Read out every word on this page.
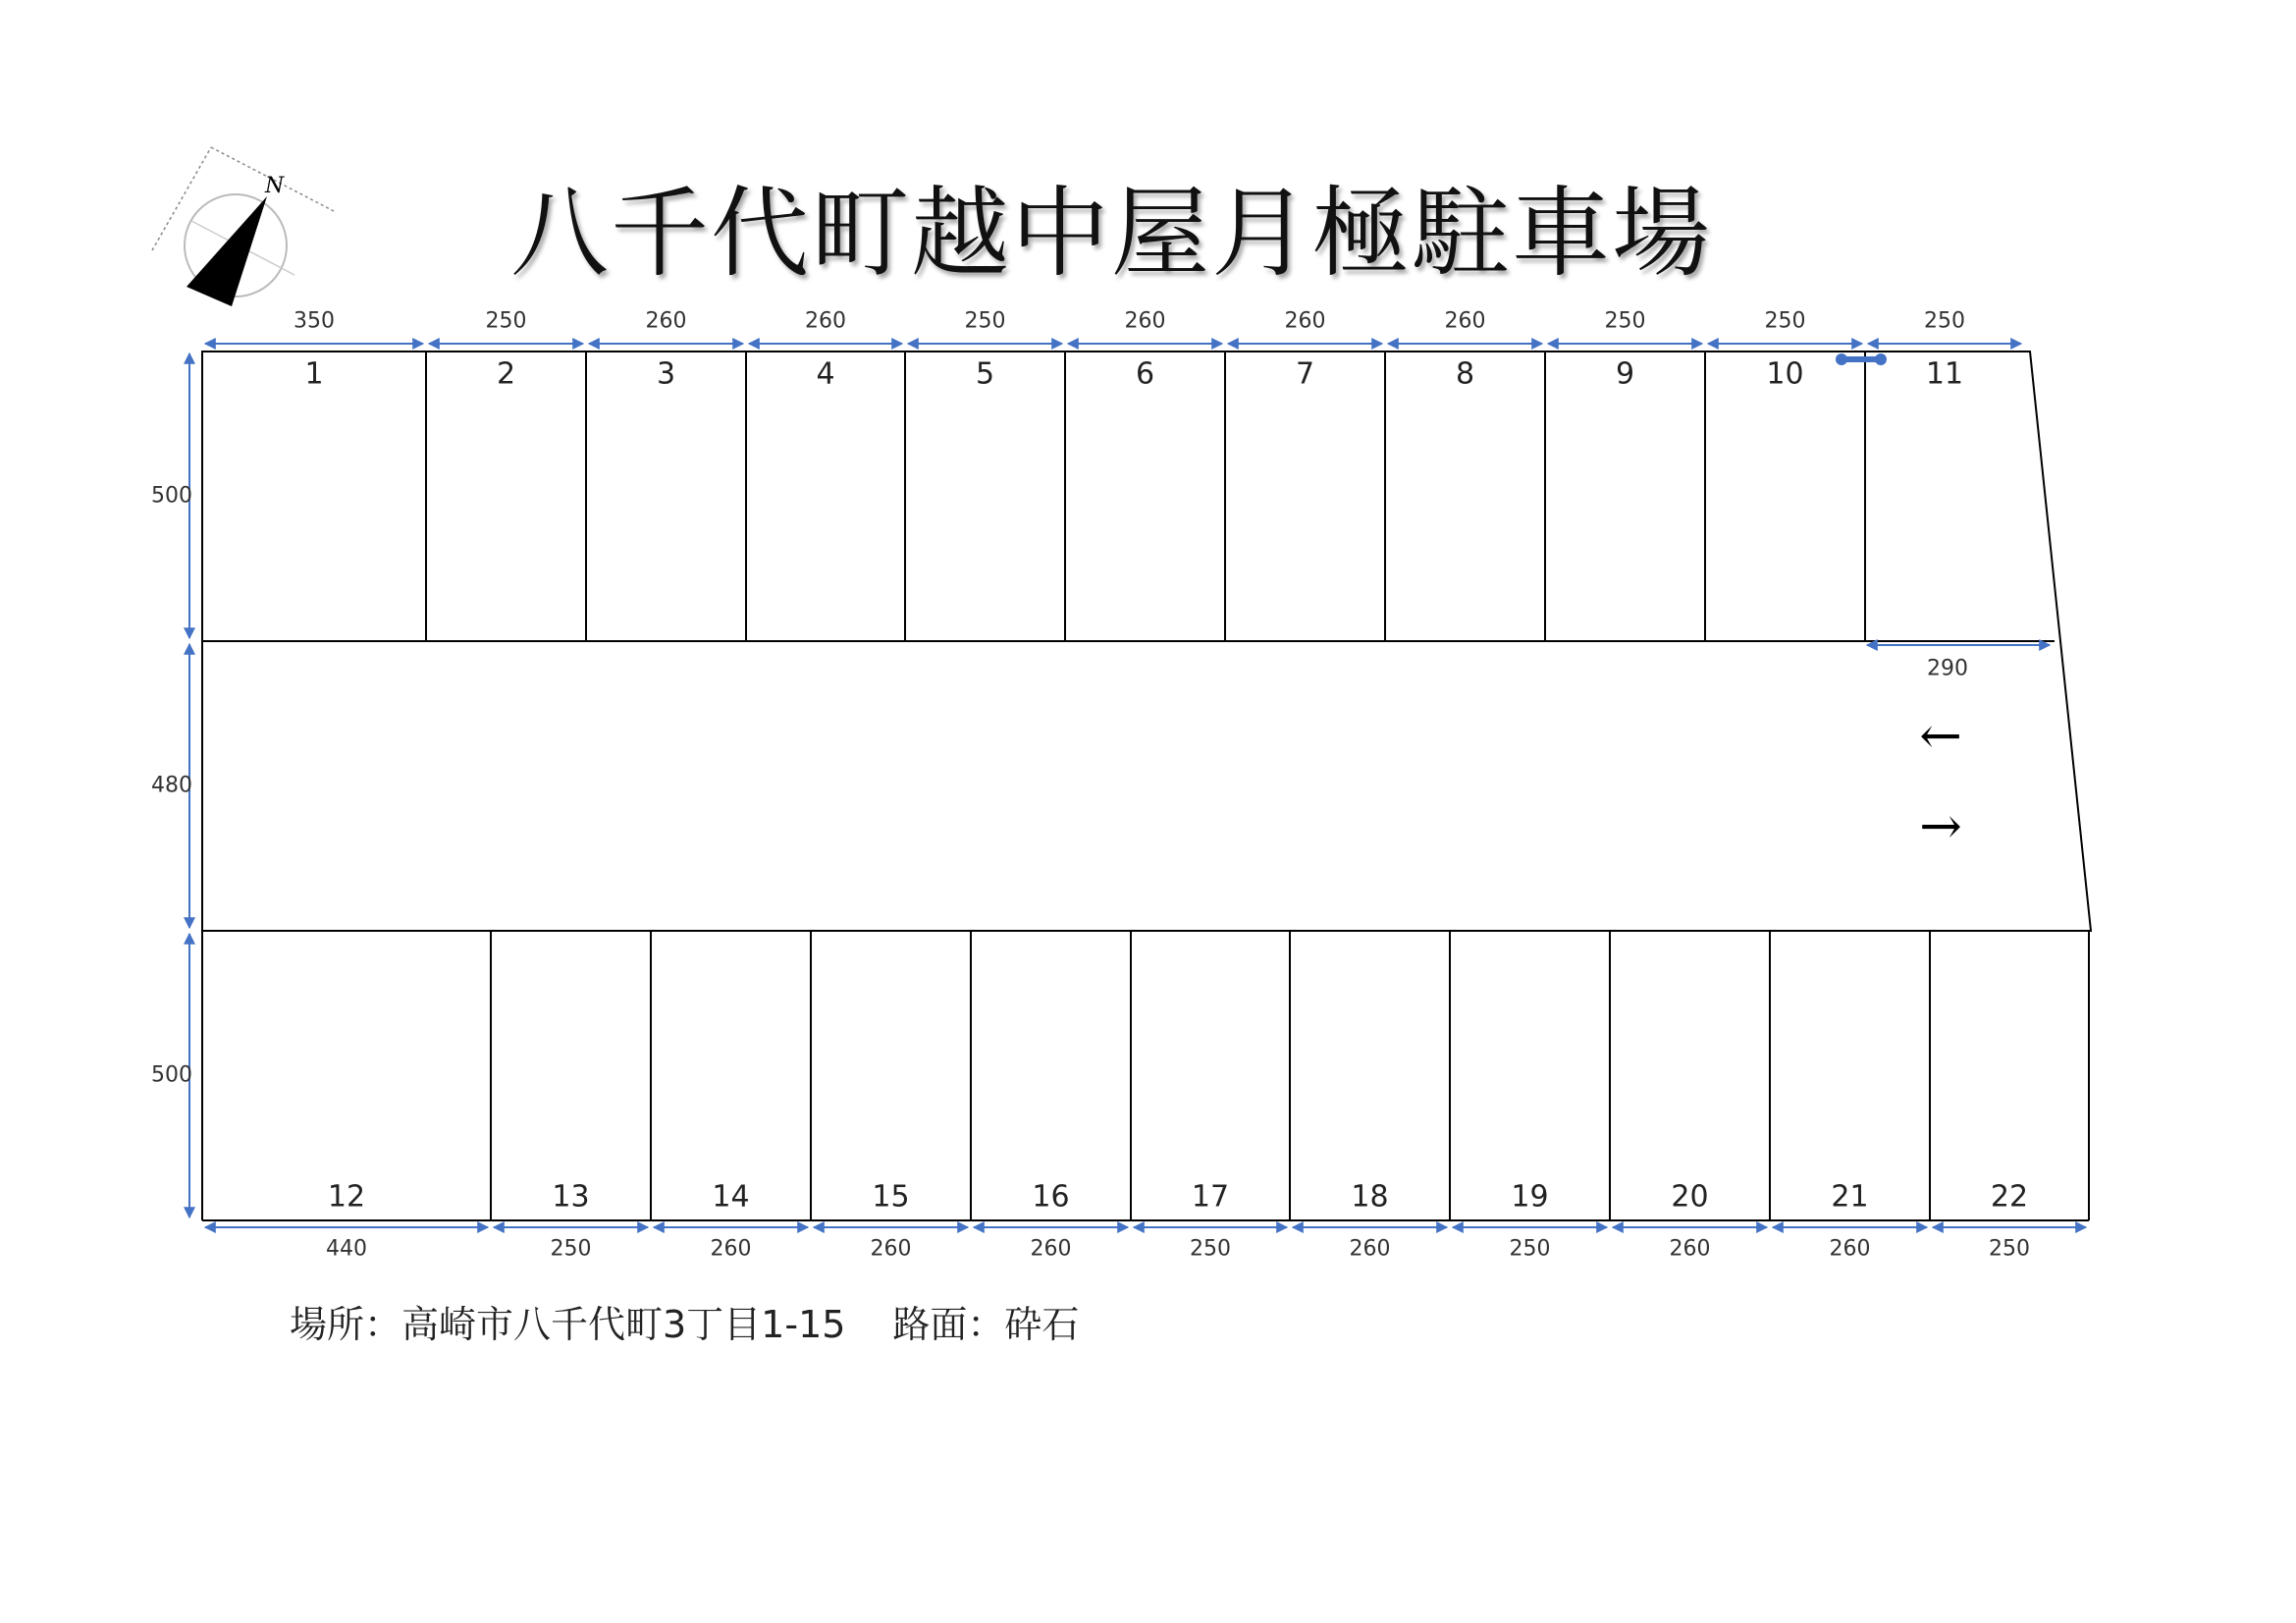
八千代町越中屋月極駐車場
N
1
350
2
250
3
260
4
260
5
250
6
260
7
260
8
260
9
250
10
250
11
250
12
440
13
250
14
260
15
260
16
260
17
250
18
260
19
250
20
260
21
260
22
250
500
480
500
290
←
→
場所：高崎市八千代町3丁目1-15 路面：砕石
